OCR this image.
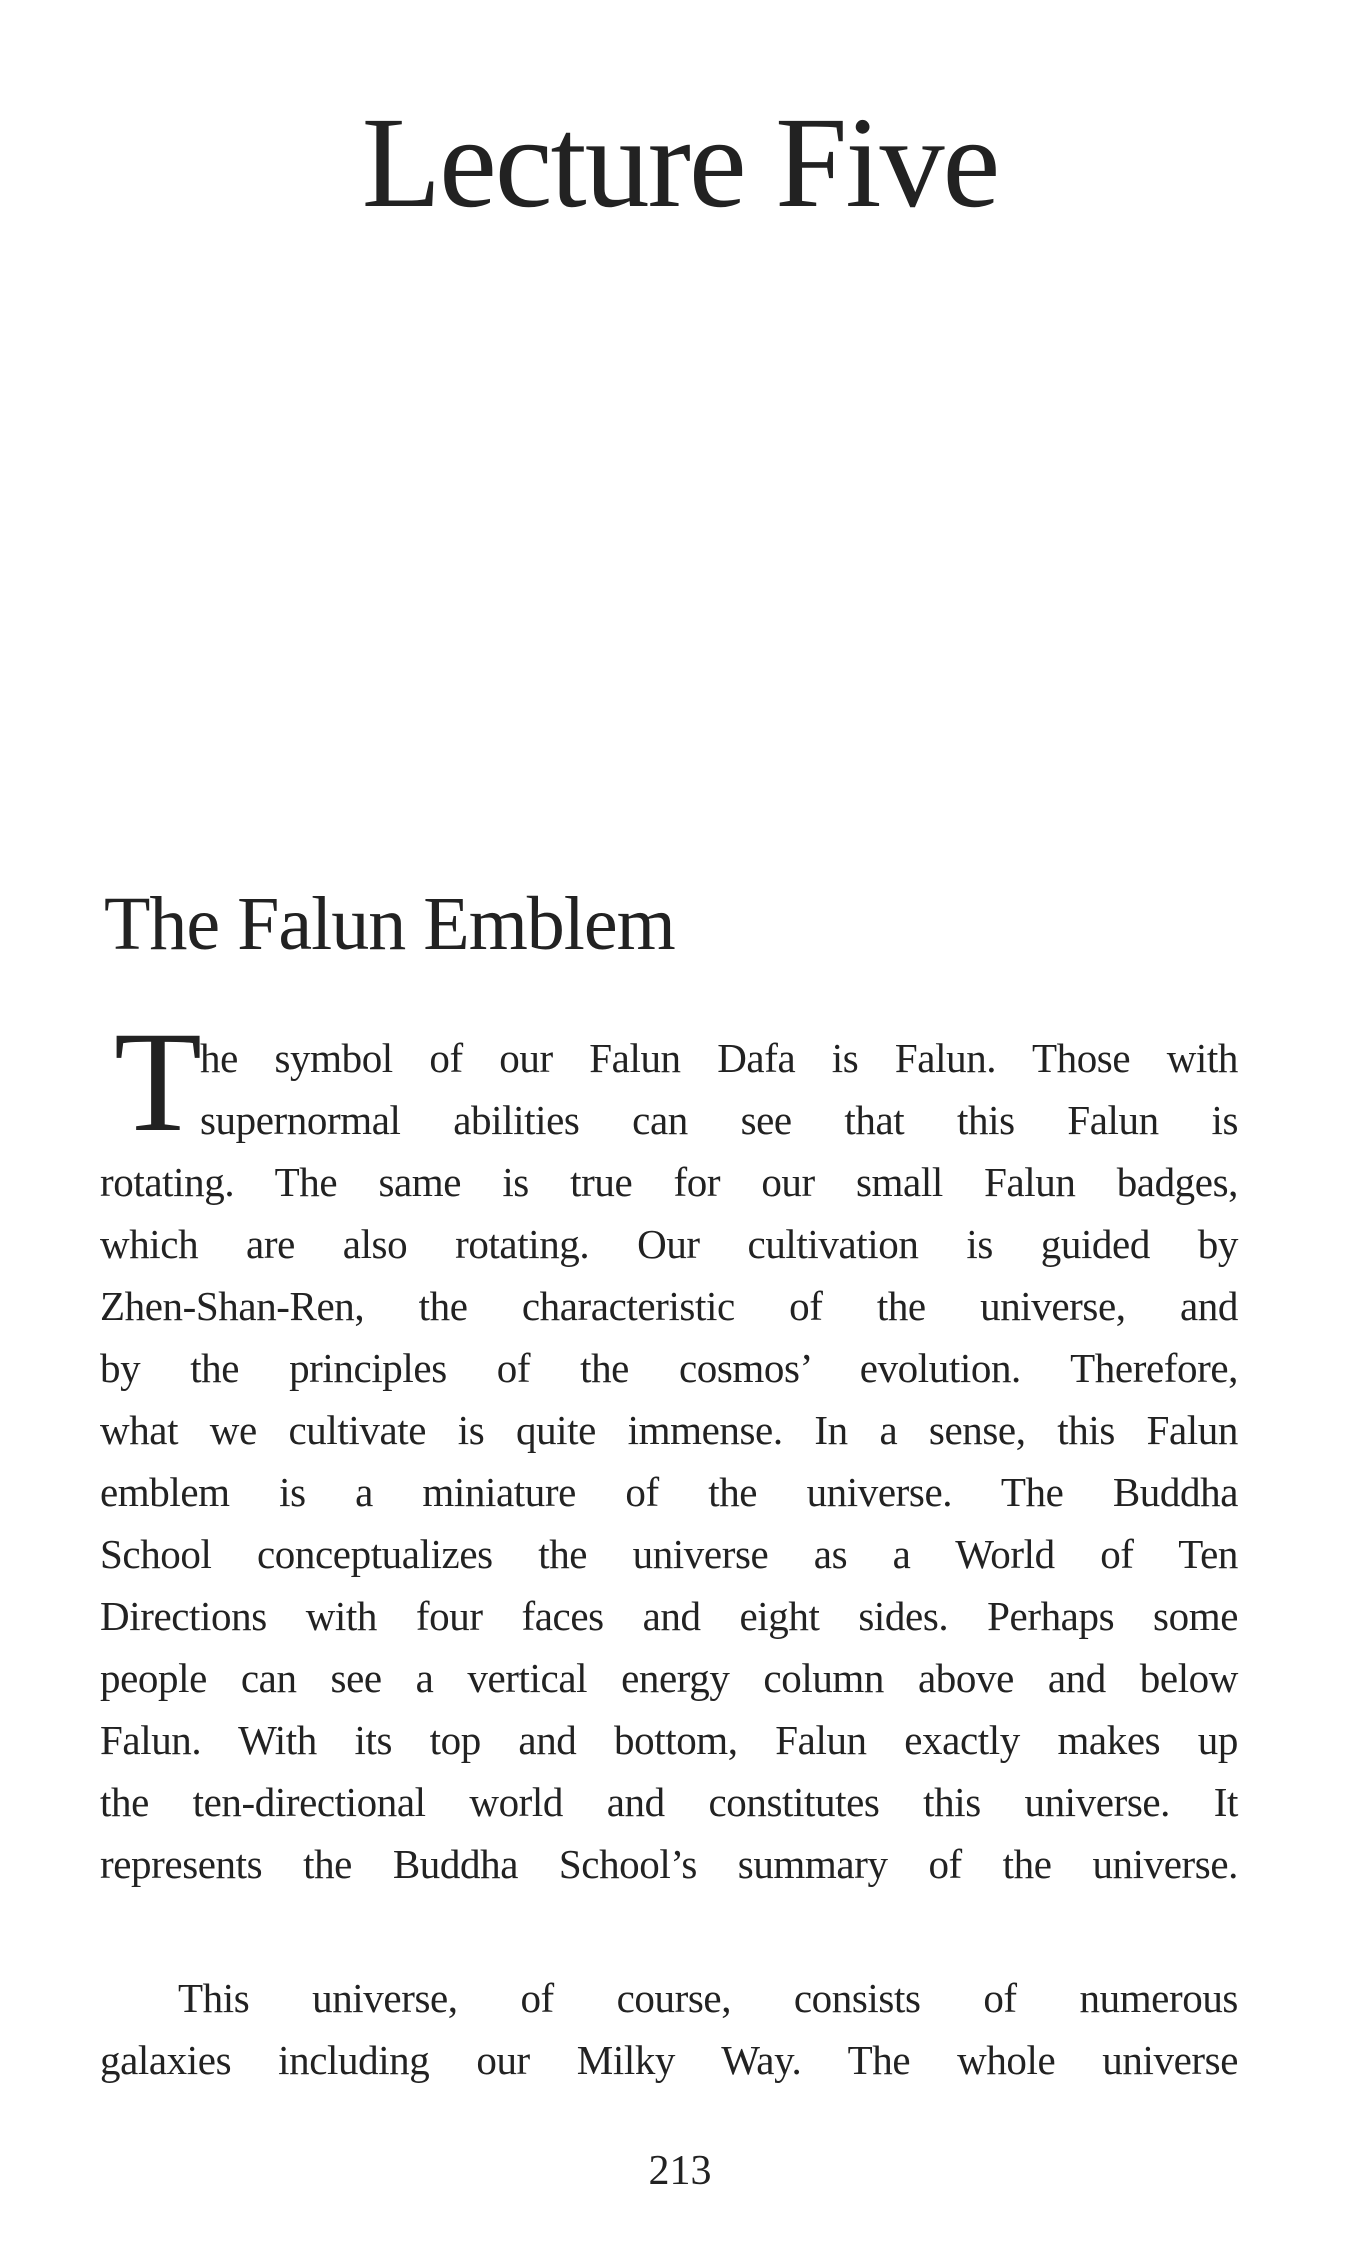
Lecture Five
The Falun Emblem
T
he symbol of our Falun Dafa is Falun. Those with
supernormal abilities can see that this Falun is
rotating. The same is true for our small Falun badges,
which are also rotating. Our cultivation is guided by
Zhen-Shan-Ren, the characteristic of the universe, and
by the principles of the cosmos’ evolution. Therefore,
what we cultivate is quite immense. In a sense, this Falun
emblem is a miniature of the universe. The Buddha
School conceptualizes the universe as a World of Ten
Directions with four faces and eight sides. Perhaps some
people can see a vertical energy column above and below
Falun. With its top and bottom, Falun exactly makes up
the ten-directional world and constitutes this universe. It
represents the Buddha School’s summary of the universe.
This universe, of course, consists of numerous
galaxies including our Milky Way. The whole universe
213
